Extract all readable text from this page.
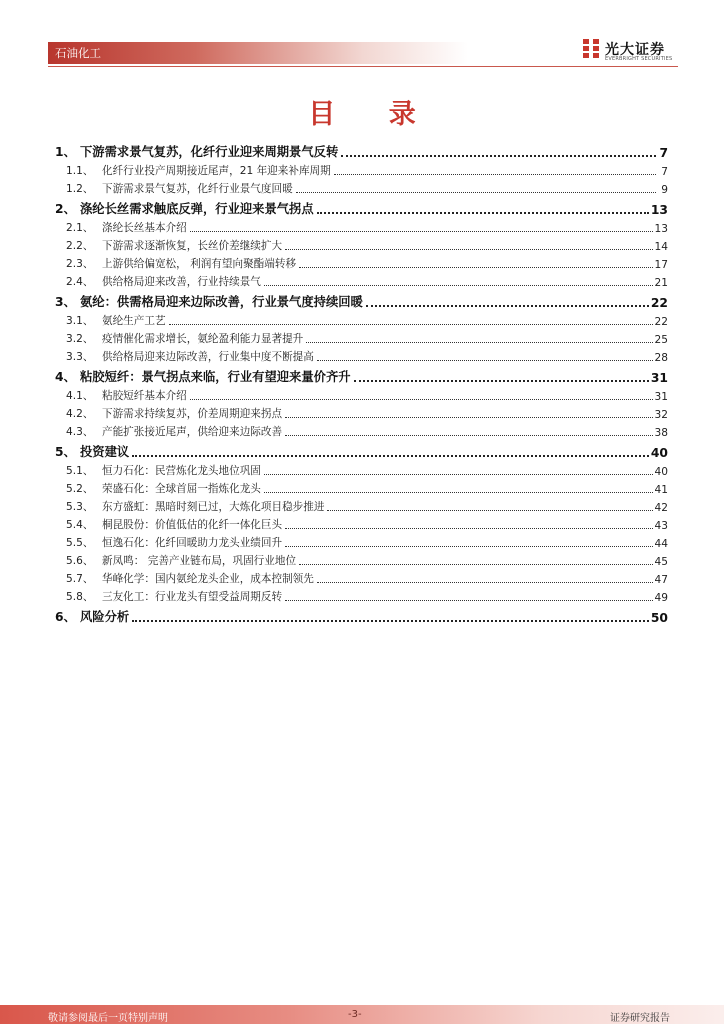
石油化工	光大证券
EVERBRIGHT SECURITIES
目 录
1、 下游需求景气复苏，化纤行业迎来周期景气反转	7
1.1、 化纤行业投产周期接近尾声，21 年迎来补库周期	7
1.2、 下游需求景气复苏，化纤行业景气度回暖	9
2、 涤纶长丝需求触底反弹，行业迎来景气拐点	13
2.1、 涤纶长丝基本介绍	13
2.2、 下游需求逐渐恢复，长丝价差继续扩大	14
2.3、 上游供给偏宽松， 利润有望向聚酯端转移	17
2.4、 供给格局迎来改善，行业持续景气	21
3、 氨纶：供需格局迎来边际改善，行业景气度持续回暖	22
3.1、 氨纶生产工艺	22
3.2、 疫情催化需求增长，氨纶盈利能力显著提升	25
3.3、 供给格局迎来边际改善，行业集中度不断提高	28
4、 粘胶短纤：景气拐点来临，行业有望迎来量价齐升	31
4.1、 粘胶短纤基本介绍	31
4.2、 下游需求持续复苏，价差周期迎来拐点	32
4.3、 产能扩张接近尾声，供给迎来边际改善	38
5、 投资建议	40
5.1、 恒力石化：民营炼化龙头地位巩固	40
5.2、 荣盛石化：全球首屈一指炼化龙头	41
5.3、 东方盛虹：黑暗时刻已过，大炼化项目稳步推进	42
5.4、 桐昆股份：价值低估的化纤一体化巨头	43
5.5、 恒逸石化：化纤回暖助力龙头业绩回升	44
5.6、 新凤鸣： 完善产业链布局，巩固行业地位	45
5.7、 华峰化学：国内氨纶龙头企业，成本控制领先	47
5.8、 三友化工：行业龙头有望受益周期反转	49
6、 风险分析	50
敬请参阅最后一页特别声明	-3-	证券研究报告
